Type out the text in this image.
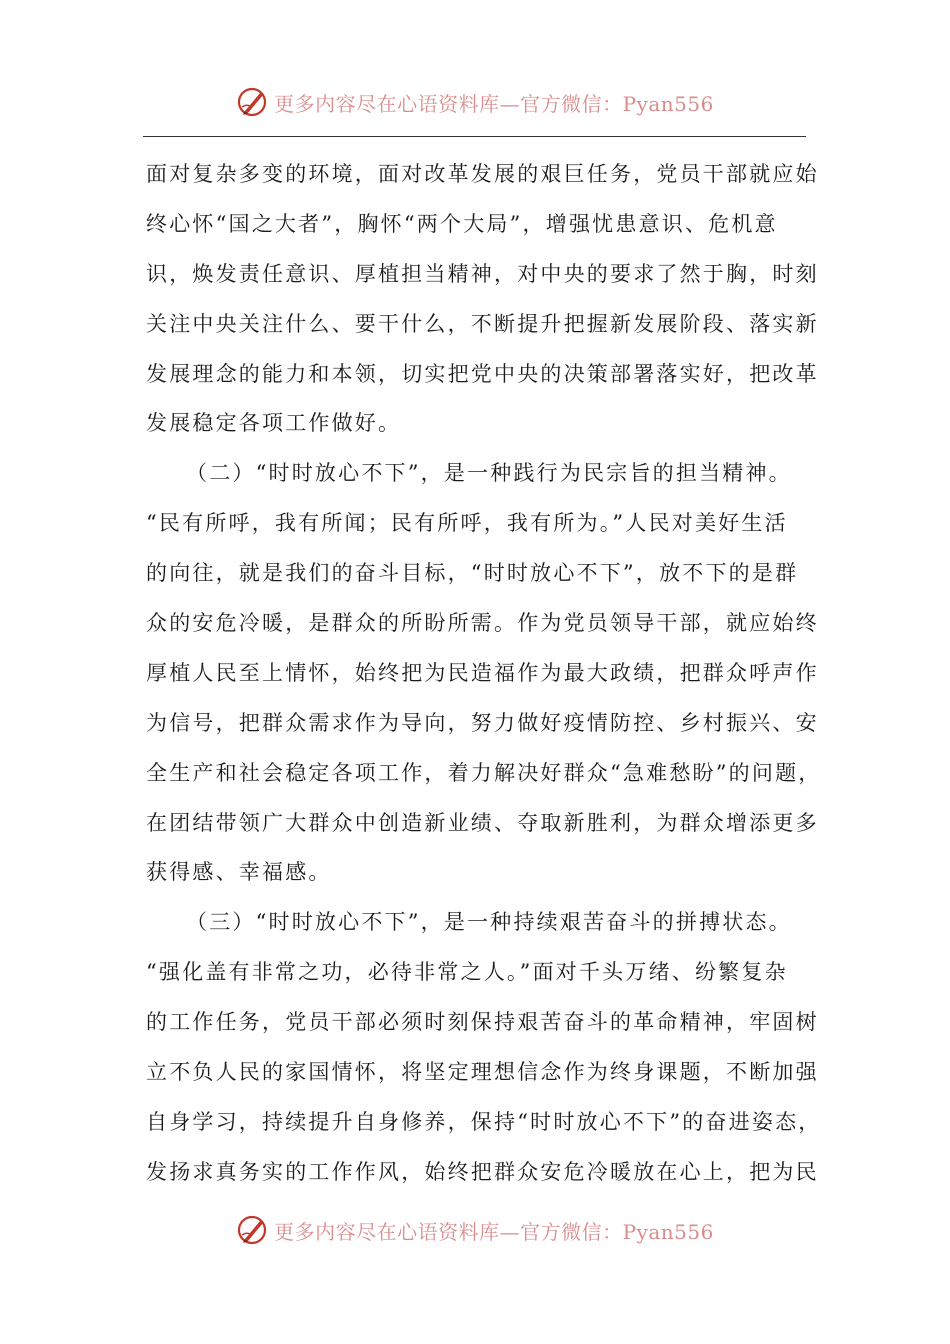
更多内容尽在心语资料库—官方微信：Pyan556
面对复杂多变的环境，面对改革发展的艰巨任务，党员干部就应始
终心怀“国之大者”，胸怀“两个大局”，增强忧患意识、危机意
识，焕发责任意识、厚植担当精神，对中央的要求了然于胸，时刻
关注中央关注什么、要干什么，不断提升把握新发展阶段、落实新
发展理念的能力和本领，切实把党中央的决策部署落实好，把改革
发展稳定各项工作做好。
（二）“时时放心不下”，是一种践行为民宗旨的担当精神。
“民有所呼，我有所闻；民有所呼，我有所为。”人民对美好生活
的向往，就是我们的奋斗目标，“时时放心不下”，放不下的是群
众的安危冷暖，是群众的所盼所需。作为党员领导干部，就应始终
厚植人民至上情怀，始终把为民造福作为最大政绩，把群众呼声作
为信号，把群众需求作为导向，努力做好疫情防控、乡村振兴、安
全生产和社会稳定各项工作，着力解决好群众“急难愁盼”的问题，
在团结带领广大群众中创造新业绩、夺取新胜利，为群众增添更多
获得感、幸福感。
（三）“时时放心不下”，是一种持续艰苦奋斗的拼搏状态。
“强化盖有非常之功，必待非常之人。”面对千头万绪、纷繁复杂
的工作任务，党员干部必须时刻保持艰苦奋斗的革命精神，牢固树
立不负人民的家国情怀，将坚定理想信念作为终身课题，不断加强
自身学习，持续提升自身修养，保持“时时放心不下”的奋进姿态，
发扬求真务实的工作作风，始终把群众安危冷暖放在心上，把为民
更多内容尽在心语资料库—官方微信：Pyan556
